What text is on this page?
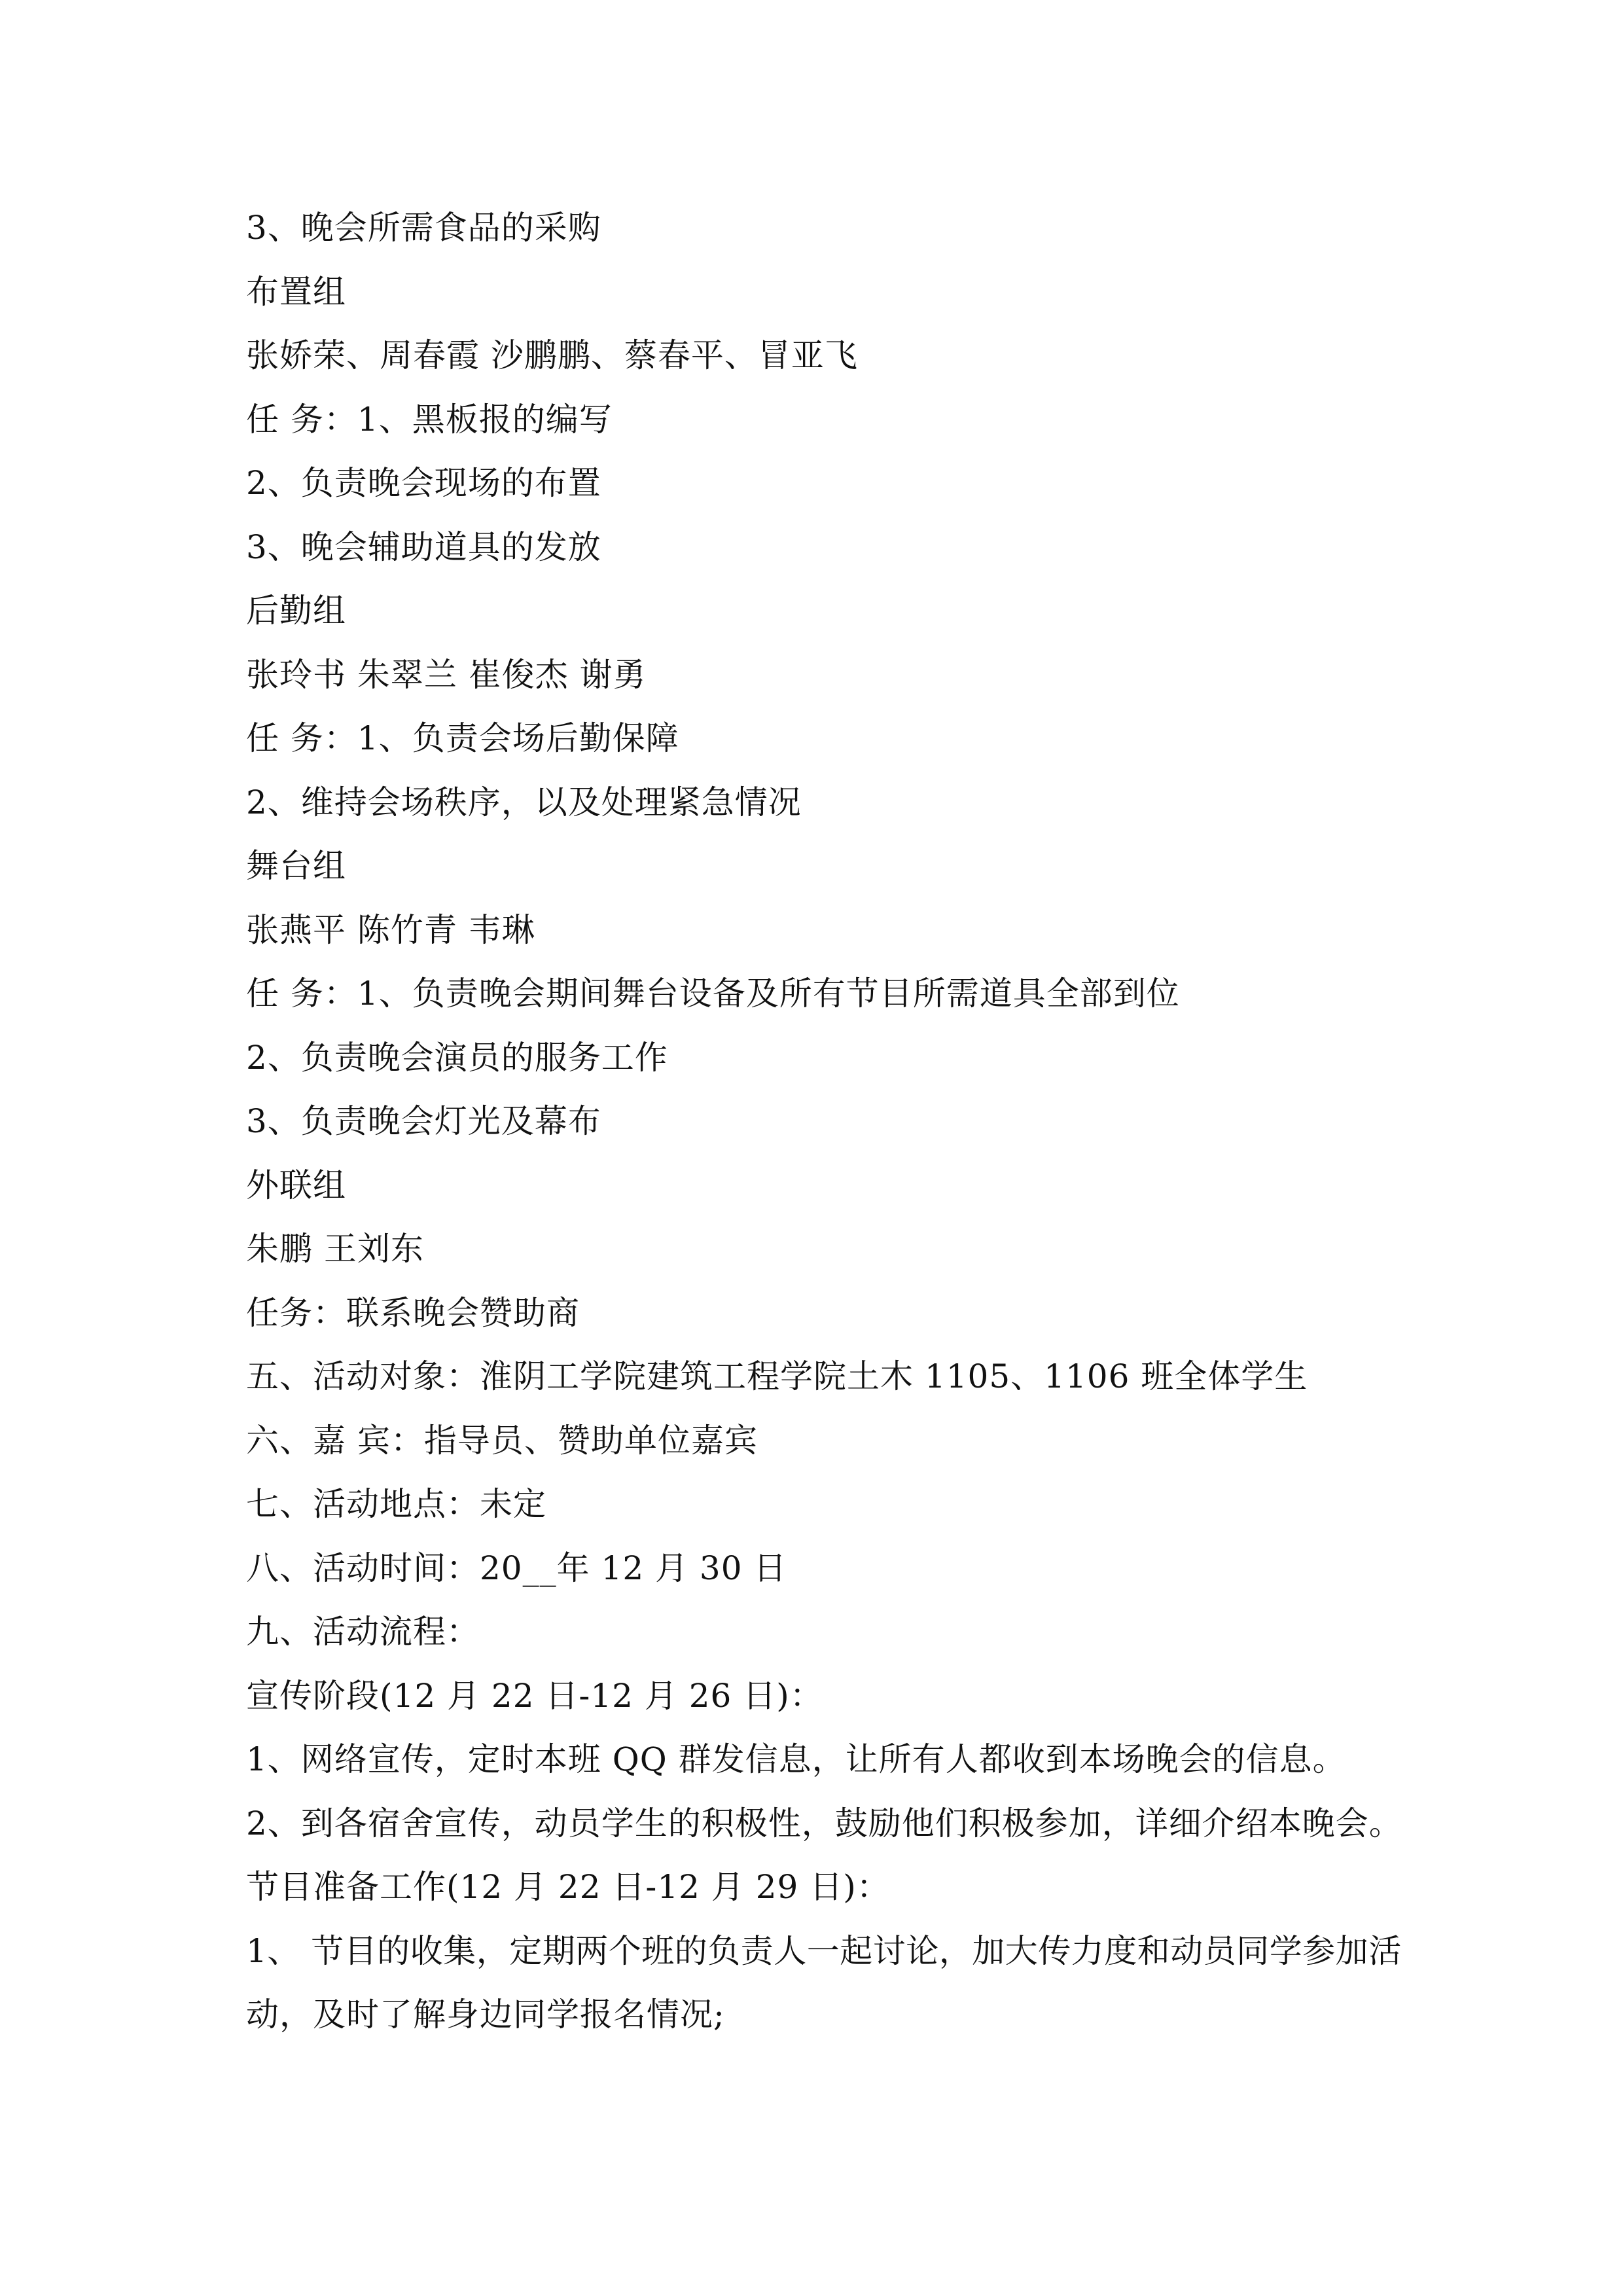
3、晚会所需食品的采购
布置组
张娇荣、周春霞 沙鹏鹏、蔡春平、冒亚飞
任 务：1、黑板报的编写
2、负责晚会现场的布置
3、晚会辅助道具的发放
后勤组
张玲书 朱翠兰 崔俊杰 谢勇
任 务：1、负责会场后勤保障
2、维持会场秩序，以及处理紧急情况
舞台组
张燕平 陈竹青 韦琳
任 务：1、负责晚会期间舞台设备及所有节目所需道具全部到位
2、负责晚会演员的服务工作
3、负责晚会灯光及幕布
外联组
朱鹏 王刘东
任务：联系晚会赞助商
五、活动对象：淮阴工学院建筑工程学院土木 1105、1106 班全体学生
六、嘉 宾：指导员、赞助单位嘉宾
七、活动地点：未定
八、活动时间：20__年 12 月 30 日
九、活动流程：
宣传阶段(12 月 22 日-12 月 26 日)：
1、网络宣传，定时本班 QQ 群发信息，让所有人都收到本场晚会的信息。
2、到各宿舍宣传，动员学生的积极性，鼓励他们积极参加，详细介绍本晚会。
节目准备工作(12 月 22 日-12 月 29 日)：
1、 节目的收集，定期两个班的负责人一起讨论，加大传力度和动员同学参加活
动，及时了解身边同学报名情况;
